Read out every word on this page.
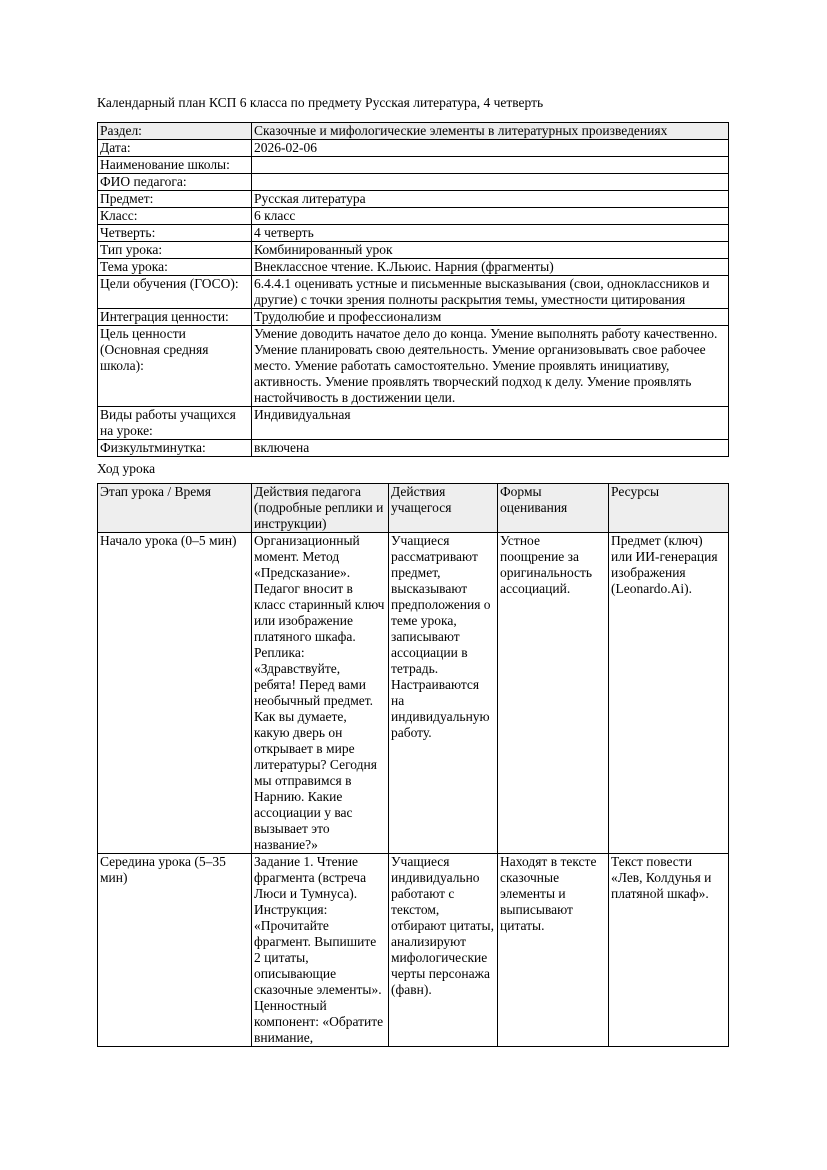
Календарный план КСП 6 класса по предмету Русская литература, 4 четверть

Раздел:	Сказочные и мифологические элементы в литературных произведениях
Дата:	2026-02-06
Наименование школы:	
ФИО педагога:	
Предмет:	Русская литература
Класс:	6 класс
Четверть:	4 четверть
Тип урока:	Комбинированный урок
Тема урока:	Внеклассное чтение. К.Льюис. Нарния (фрагменты)
Цели обучения (ГОСО):	6.4.4.1 оценивать устные и письменные высказывания (свои, одноклассников и другие) с точки зрения полноты раскрытия темы, уместности цитирования
Интеграция ценности:	Трудолюбие и профессионализм
Цель ценности (Основная средняя школа):	Умение доводить начатое дело до конца. Умение выполнять работу качественно. Умение планировать свою деятельность. Умение организовывать свое рабочее место. Умение работать самостоятельно. Умение проявлять инициативу, активность. Умение проявлять творческий подход к делу. Умение проявлять настойчивость в достижении цели.
Виды работы учащихся на уроке:	Индивидуальная
Физкультминутка:	включена

Ход урока

Этап урока / Время	Действия педагога (подробные реплики и инструкции)	Действия учащегося	Формы оценивания	Ресурсы
Начало урока (0–5 мин)	Организационный момент. Метод «Предсказание». Педагог вносит в класс старинный ключ или изображение платяного шкафа. Реплика: «Здравствуйте, ребята! Перед вами необычный предмет. Как вы думаете, какую дверь он открывает в мире литературы? Сегодня мы отправимся в Нарнию. Какие ассоциации у вас вызывает это название?»	Учащиеся рассматривают предмет, высказывают предположения о теме урока, записывают ассоциации в тетрадь. Настраиваются на индивидуальную работу.	Устное поощрение за оригинальность ассоциаций.	Предмет (ключ) или ИИ-генерация изображения (Leonardo.Ai).
Середина урока (5–35 мин)	Задание 1. Чтение фрагмента (встреча Люси и Тумнуса). Инструкция: «Прочитайте фрагмент. Выпишите 2 цитаты, описывающие сказочные элементы». Ценностный компонент: «Обратите внимание,	Учащиеся индивидуально работают с текстом, отбирают цитаты, анализируют мифологические черты персонажа (фавн).	Находят в тексте сказочные элементы и выписывают цитаты.	Текст повести «Лев, Колдунья и платяной шкаф».
